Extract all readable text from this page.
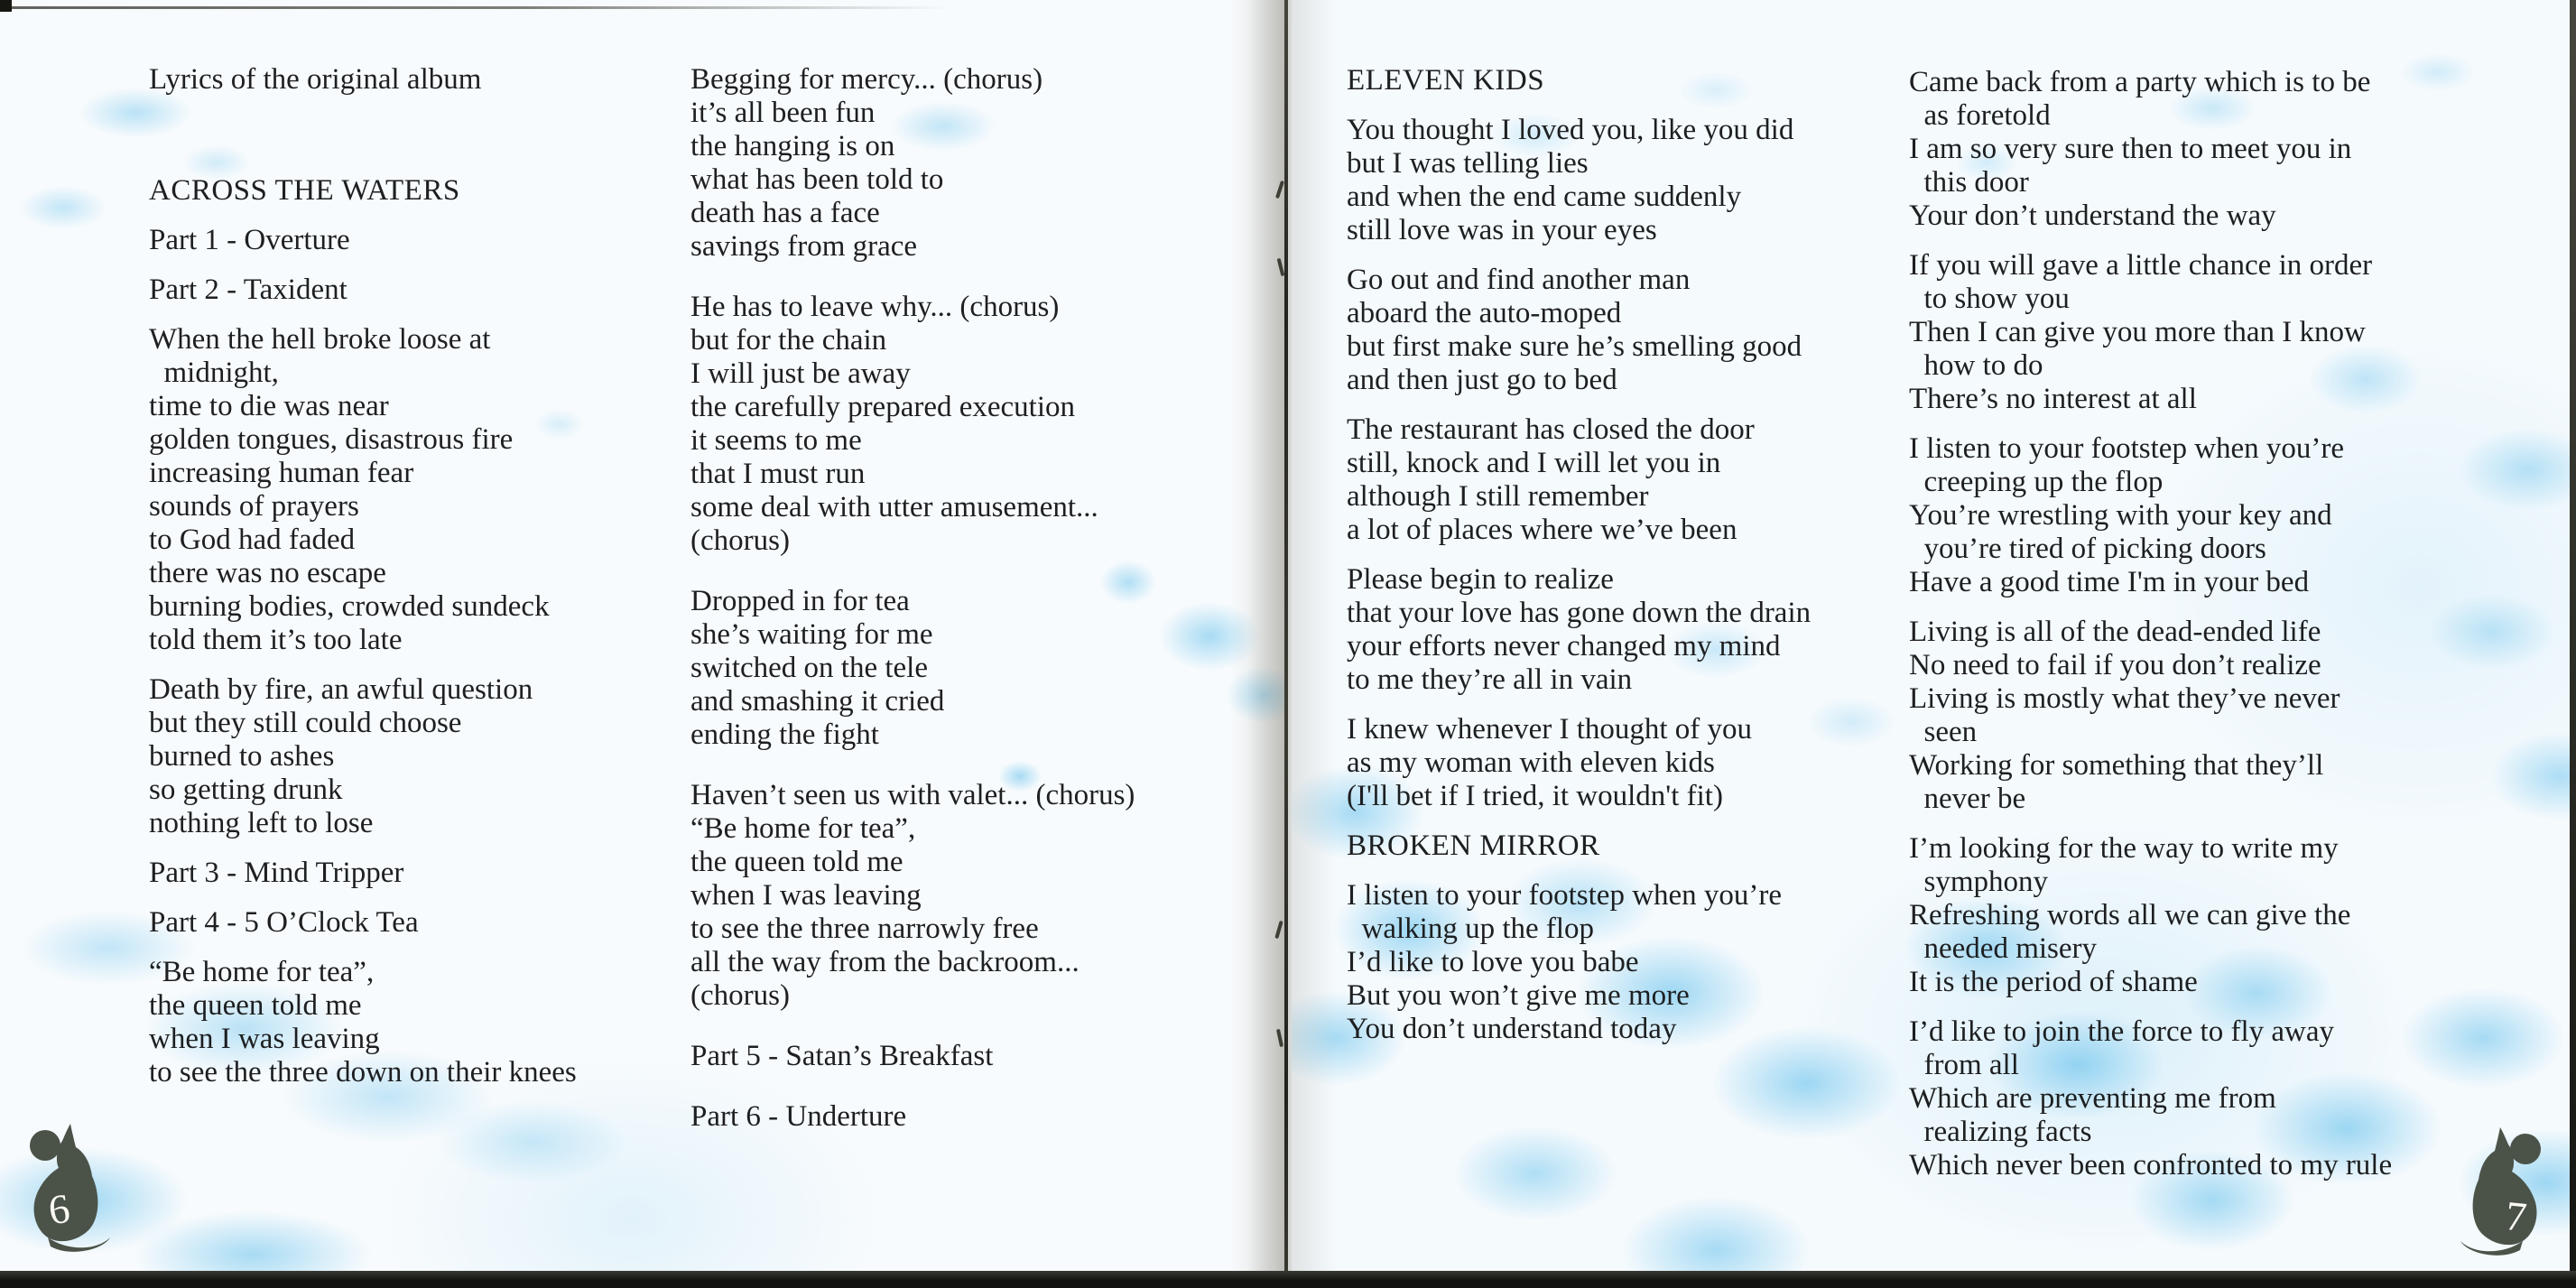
Lyrics of the original album

ACROSS THE WATERS

Part 1 - Overture

Part 2 - Taxident

When the hell broke loose at
midnight,
time to die was near
golden tongues, disastrous fire
increasing human fear
sounds of prayers
to God had faded
there was no escape
burning bodies, crowded sundeck
told them it’s too late

Death by fire, an awful question
but they still could choose
burned to ashes
so getting drunk
nothing left to lose

Part 3 - Mind Tripper

Part 4 - 5 O’Clock Tea

“Be home for tea”,
the queen told me
when I was leaving
to see the three down on their knees

Begging for mercy... (chorus)
it’s all been fun
the hanging is on
what has been told to
death has a face
savings from grace

He has to leave why... (chorus)
but for the chain
I will just be away
the carefully prepared execution
it seems to me
that I must run
some deal with utter amusement...
(chorus)

Dropped in for tea
she’s waiting for me
switched on the tele
and smashing it cried
ending the fight

Haven’t seen us with valet... (chorus)
“Be home for tea”,
the queen told me
when I was leaving
to see the three narrowly free
all the way from the backroom...
(chorus)

Part 5 - Satan’s Breakfast

Part 6 - Underture

6

ELEVEN KIDS

You thought I loved you, like you did
but I was telling lies
and when the end came suddenly
still love was in your eyes

Go out and find another man
aboard the auto-moped
but first make sure he’s smelling good
and then just go to bed

The restaurant has closed the door
still, knock and I will let you in
although I still remember
a lot of places where we’ve been

Please begin to realize
that your love has gone down the drain
your efforts never changed my mind
to me they’re all in vain

I knew whenever I thought of you
as my woman with eleven kids
(I'll bet if I tried, it wouldn't fit)

BROKEN MIRROR

I listen to your footstep when you’re
walking up the flop
I’d like to love you babe
But you won’t give me more
You don’t understand today

Came back from a party which is to be
as foretold
I am so very sure then to meet you in
this door
Your don’t understand the way

If you will gave a little chance in order
to show you
Then I can give you more than I know
how to do
There’s no interest at all

I listen to your footstep when you’re
creeping up the flop
You’re wrestling with your key and
you’re tired of picking doors
Have a good time I'm in your bed

Living is all of the dead-ended life
No need to fail if you don’t realize
Living is mostly what they’ve never
seen
Working for something that they’ll
never be

I’m looking for the way to write my
symphony
Refreshing words all we can give the
needed misery
It is the period of shame

I’d like to join the force to fly away
from all
Which are preventing me from
realizing facts
Which never been confronted to my rule

7
